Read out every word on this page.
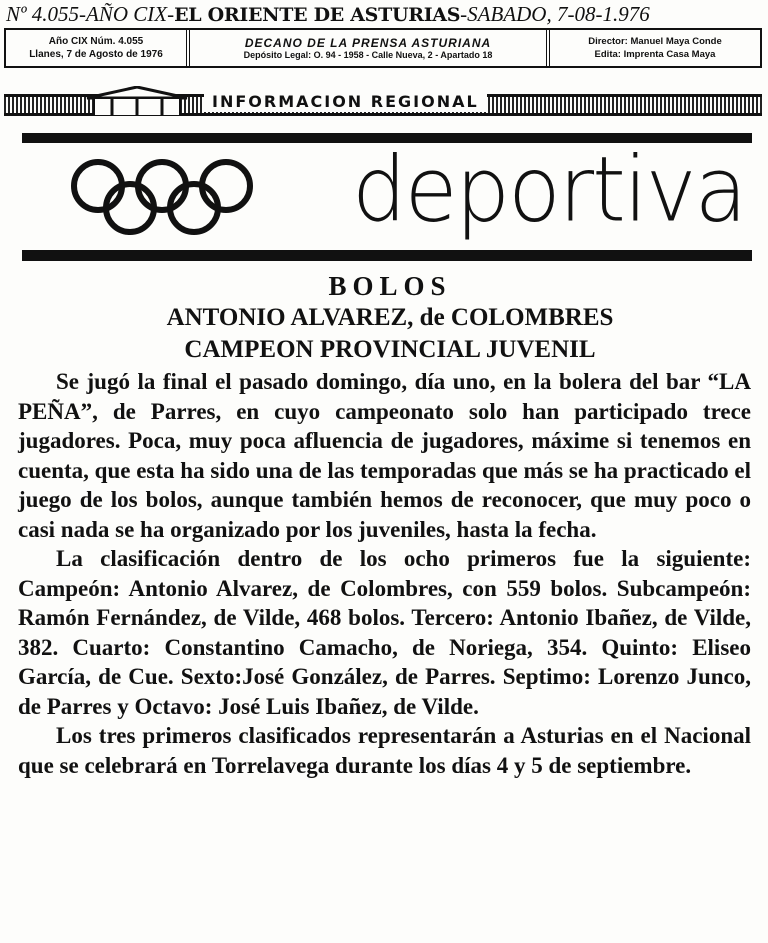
Nº 4.055-AÑO CIX-EL ORIENTE DE ASTURIAS-SABADO, 7-08-1.976
Año CIX Núm. 4.055
Llanes, 7 de Agosto de 1976
DECANO DE LA PRENSA ASTURIANA
Depósito Legal: O. 94 - 1958 - Calle Nueva, 2 - Apartado 18
Director: Manuel Maya Conde
Edita: Imprenta Casa Maya
INFORMACION REGIONAL
deportiva
BOLOS
ANTONIO ALVAREZ, de COLOMBRES
CAMPEON PROVINCIAL JUVENIL

Se jugó la final el pasado domingo, día uno, en la bolera del bar “LA PEÑA”, de Parres, en cuyo campeonato solo han participado trece jugadores. Poca, muy poca afluencia de jugadores, máxime si tenemos en cuenta, que esta ha sido una de las temporadas que más se ha practicado el juego de los bolos, aunque también hemos de reconocer, que muy poco o casi nada se ha organizado por los juveniles, hasta la fecha.

La clasificación dentro de los ocho primeros fue la siguiente: Campeón: Antonio Alvarez, de Colombres, con 559 bolos. Subcampeón: Ramón Fernández, de Vilde, 468 bolos. Tercero: Antonio Ibañez, de Vilde, 382. Cuarto: Constantino Camacho, de Noriega, 354. Quinto: Eliseo García, de Cue. Sexto:José González, de Parres. Septimo: Lorenzo Junco, de Parres y Octavo: José Luis Ibañez, de Vilde.

Los tres primeros clasificados representarán a Asturias en el Nacional que se celebrará en Torrelavega durante los días 4 y 5 de septiembre.
